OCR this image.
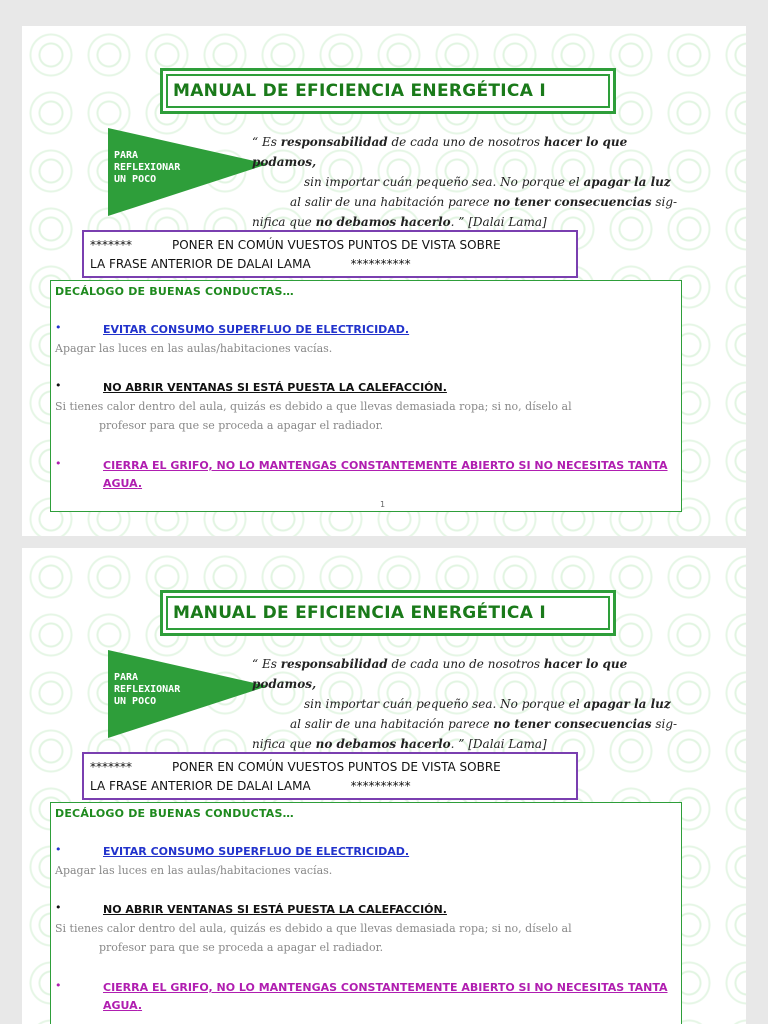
MANUAL DE EFICIENCIA ENERGÉTICA I
PARA
REFLEXIONAR
UN POCO
“ Es responsabilidad de cada uno de nosotros hacer lo que podamos,
sin importar cuán pequeño sea. No porque el apagar la luz
al salir de una habitación parece no tener consecuencias sig-
nifica que no debamos hacerlo. ” [Dalai Lama]
*******	PONER EN COMÚN VUESTOS PUNTOS DE VISTA SOBRE
LA FRASE ANTERIOR DE DALAI LAMA	**********
DECÁLOGO DE BUENAS CONDUCTAS…
•	EVITAR CONSUMO SUPERFLUO DE ELECTRICIDAD.
Apagar las luces en las aulas/habitaciones vacías.
•	NO ABRIR VENTANAS SI ESTÁ PUESTA LA CALEFACCIÓN.
Si tienes calor dentro del aula, quizás es debido a que llevas demasiada ropa; si no, díselo al
profesor para que se proceda a apagar el radiador.
•	CIERRA EL GRIFO, NO LO MANTENGAS CONSTANTEMENTE ABIERTO SI NO NECESITAS TANTA AGUA.
1
MANUAL DE EFICIENCIA ENERGÉTICA I
PARA
REFLEXIONAR
UN POCO
“ Es responsabilidad de cada uno de nosotros hacer lo que podamos,
sin importar cuán pequeño sea. No porque el apagar la luz
al salir de una habitación parece no tener consecuencias sig-
nifica que no debamos hacerlo. ” [Dalai Lama]
*******	PONER EN COMÚN VUESTOS PUNTOS DE VISTA SOBRE
LA FRASE ANTERIOR DE DALAI LAMA	**********
DECÁLOGO DE BUENAS CONDUCTAS…
•	EVITAR CONSUMO SUPERFLUO DE ELECTRICIDAD.
Apagar las luces en las aulas/habitaciones vacías.
•	NO ABRIR VENTANAS SI ESTÁ PUESTA LA CALEFACCIÓN.
Si tienes calor dentro del aula, quizás es debido a que llevas demasiada ropa; si no, díselo al
profesor para que se proceda a apagar el radiador.
•	CIERRA EL GRIFO, NO LO MANTENGAS CONSTANTEMENTE ABIERTO SI NO NECESITAS TANTA AGUA.
